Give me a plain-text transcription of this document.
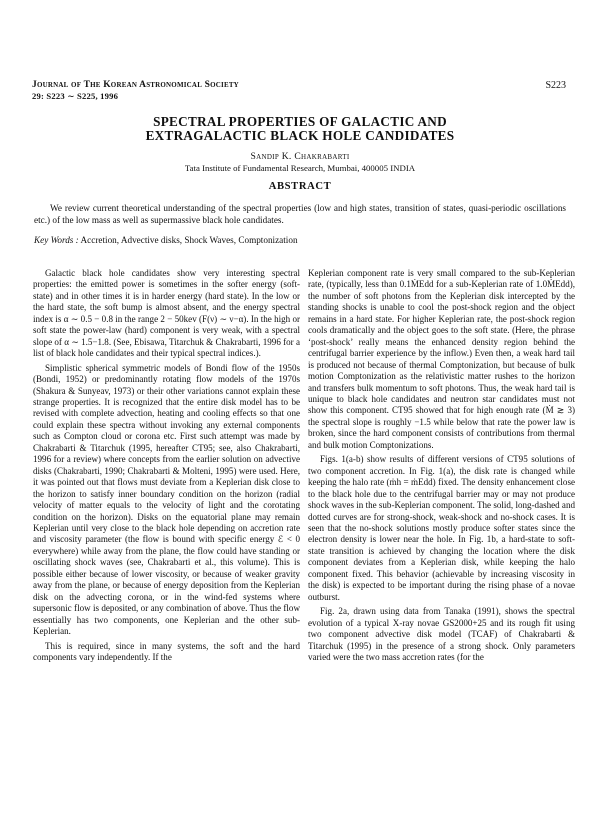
Journal of The Korean Astronomical Society
29: S223 ∼ S225, 1996
S223
SPECTRAL PROPERTIES OF GALACTIC AND
EXTRAGALACTIC BLACK HOLE CANDIDATES
Sandip K. Chakrabarti
Tata Institute of Fundamental Research, Mumbai, 400005 INDIA
ABSTRACT
We review current theoretical understanding of the spectral properties (low and high states, transition of states, quasi-periodic oscillations etc.) of the low mass as well as supermassive black hole candidates.
Key Words : Accretion, Advective disks, Shock Waves, Comptonization

Galactic black hole candidates show very interesting spectral properties: the emitted power is sometimes in the softer energy (soft-state) and in other times it is in harder energy (hard state). In the low or the hard state, the soft bump is almost absent, and the energy spectral index is α ∼ 0.5 − 0.8 in the range 2 − 50kev (F(ν) ∼ ν−α). In the high or soft state the power-law (hard) component is very weak, with a spectral slope of α ∼ 1.5−1.8. (See, Ebisawa, Titarchuk & Chakrabarti, 1996 for a list of black hole candidates and their typical spectral indices.).

Simplistic spherical symmetric models of Bondi flow of the 1950s (Bondi, 1952) or predominantly rotating flow models of the 1970s (Shakura & Sunyeav, 1973) or their other variations cannot explain these strange properties. It is recognized that the entire disk model has to be revised with complete advection, heating and cooling effects so that one could explain these spectra without invoking any external components such as Compton cloud or corona etc. First such attempt was made by Chakrabarti & Titarchuk (1995, hereafter CT95; see, also Chakrabarti, 1996 for a review) where concepts from the earlier solution on advective disks (Chakrabarti, 1990; Chakrabarti & Molteni, 1995) were used. Here, it was pointed out that flows must deviate from a Keplerian disk close to the horizon to satisfy inner boundary condition on the horizon (radial velocity of matter equals to the velocity of light and the corotating condition on the horizon). Disks on the equatorial plane may remain Keplerian until very close to the black hole depending on accretion rate and viscosity parameter (the flow is bound with specific energy ℰ < 0 everywhere) while away from the plane, the flow could have standing or oscillating shock waves (see, Chakrabarti et al., this volume). This is possible either because of lower viscosity, or because of weaker gravity away from the plane, or because of energy deposition from the Keplerian disk on the advecting corona, or in the wind-fed systems where supersonic flow is deposited, or any combination of above. Thus the flow essentially has two components, one Keplerian and the other sub-Keplerian.

This is required, since in many systems, the soft and the hard components vary independently. If the

Keplerian component rate is very small compared to the sub-Keplerian rate, (typically, less than 0.1ṀEdd for a sub-Keplerian rate of 1.0ṀEdd), the number of soft photons from the Keplerian disk intercepted by the standing shocks is unable to cool the post-shock region and the object remains in a hard state. For higher Keplerian rate, the post-shock region cools dramatically and the object goes to the soft state. (Here, the phrase ‘post-shock’ really means the enhanced density region behind the centrifugal barrier experience by the inflow.) Even then, a weak hard tail is produced not because of thermal Comptonization, but because of bulk motion Comptonization as the relativistic matter rushes to the horizon and transfers bulk momentum to soft photons. Thus, the weak hard tail is unique to black hole candidates and neutron star candidates must not show this component. CT95 showed that for high enough rate (Ṁ ≳ 3) the spectral slope is roughly −1.5 while below that rate the power law is broken, since the hard component consists of contributions from thermal and bulk motion Comptonizations.

Figs. 1(a-b) show results of different versions of CT95 solutions of two component accretion. In Fig. 1(a), the disk rate is changed while keeping the halo rate (ṁh = ṁEdd) fixed. The density enhancement close to the black hole due to the centrifugal barrier may or may not produce shock waves in the sub-Keplerian component. The solid, long-dashed and dotted curves are for strong-shock, weak-shock and no-shock cases. It is seen that the no-shock solutions mostly produce softer states since the electron density is lower near the hole. In Fig. 1b, a hard-state to soft-state transition is achieved by changing the location where the disk component deviates from a Keplerian disk, while keeping the halo component fixed. This behavior (achievable by increasing viscosity in the disk) is expected to be important during the rising phase of a novae outburst.

Fig. 2a, drawn using data from Tanaka (1991), shows the spectral evolution of a typical X-ray novae GS2000+25 and its rough fit using two component advective disk model (TCAF) of Chakrabarti & Titarchuk (1995) in the presence of a strong shock. Only parameters varied were the two mass accretion rates (for the
